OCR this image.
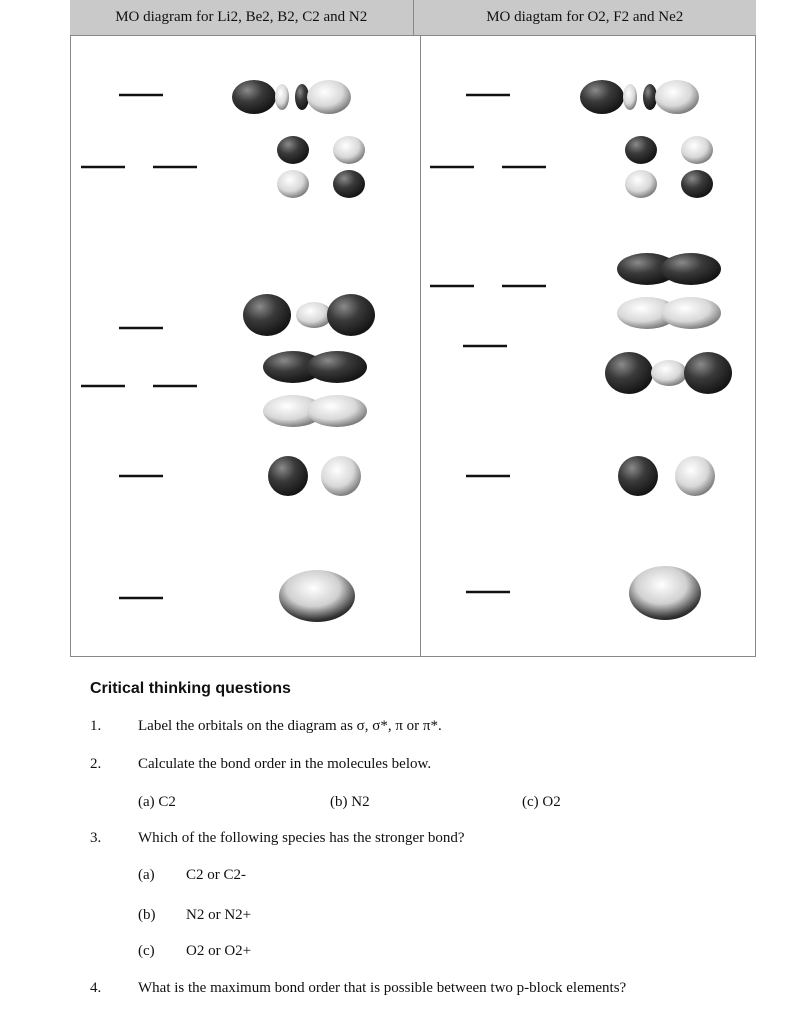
MO diagram for Li2, Be2, B2, C2 and N2	MO diagtam for O2, F2 and Ne2
Critical thinking questions
1. Label the orbitals on the diagram as σ, σ*, π or π*.
2. Calculate the bond order in the molecules below.
(a) C2	(b) N2	(c) O2
3. Which of the following species has the stronger bond?
(a) C2 or C2-
(b) N2 or N2+
(c) O2 or O2+
4. What is the maximum bond order that is possible between two p-block elements?
